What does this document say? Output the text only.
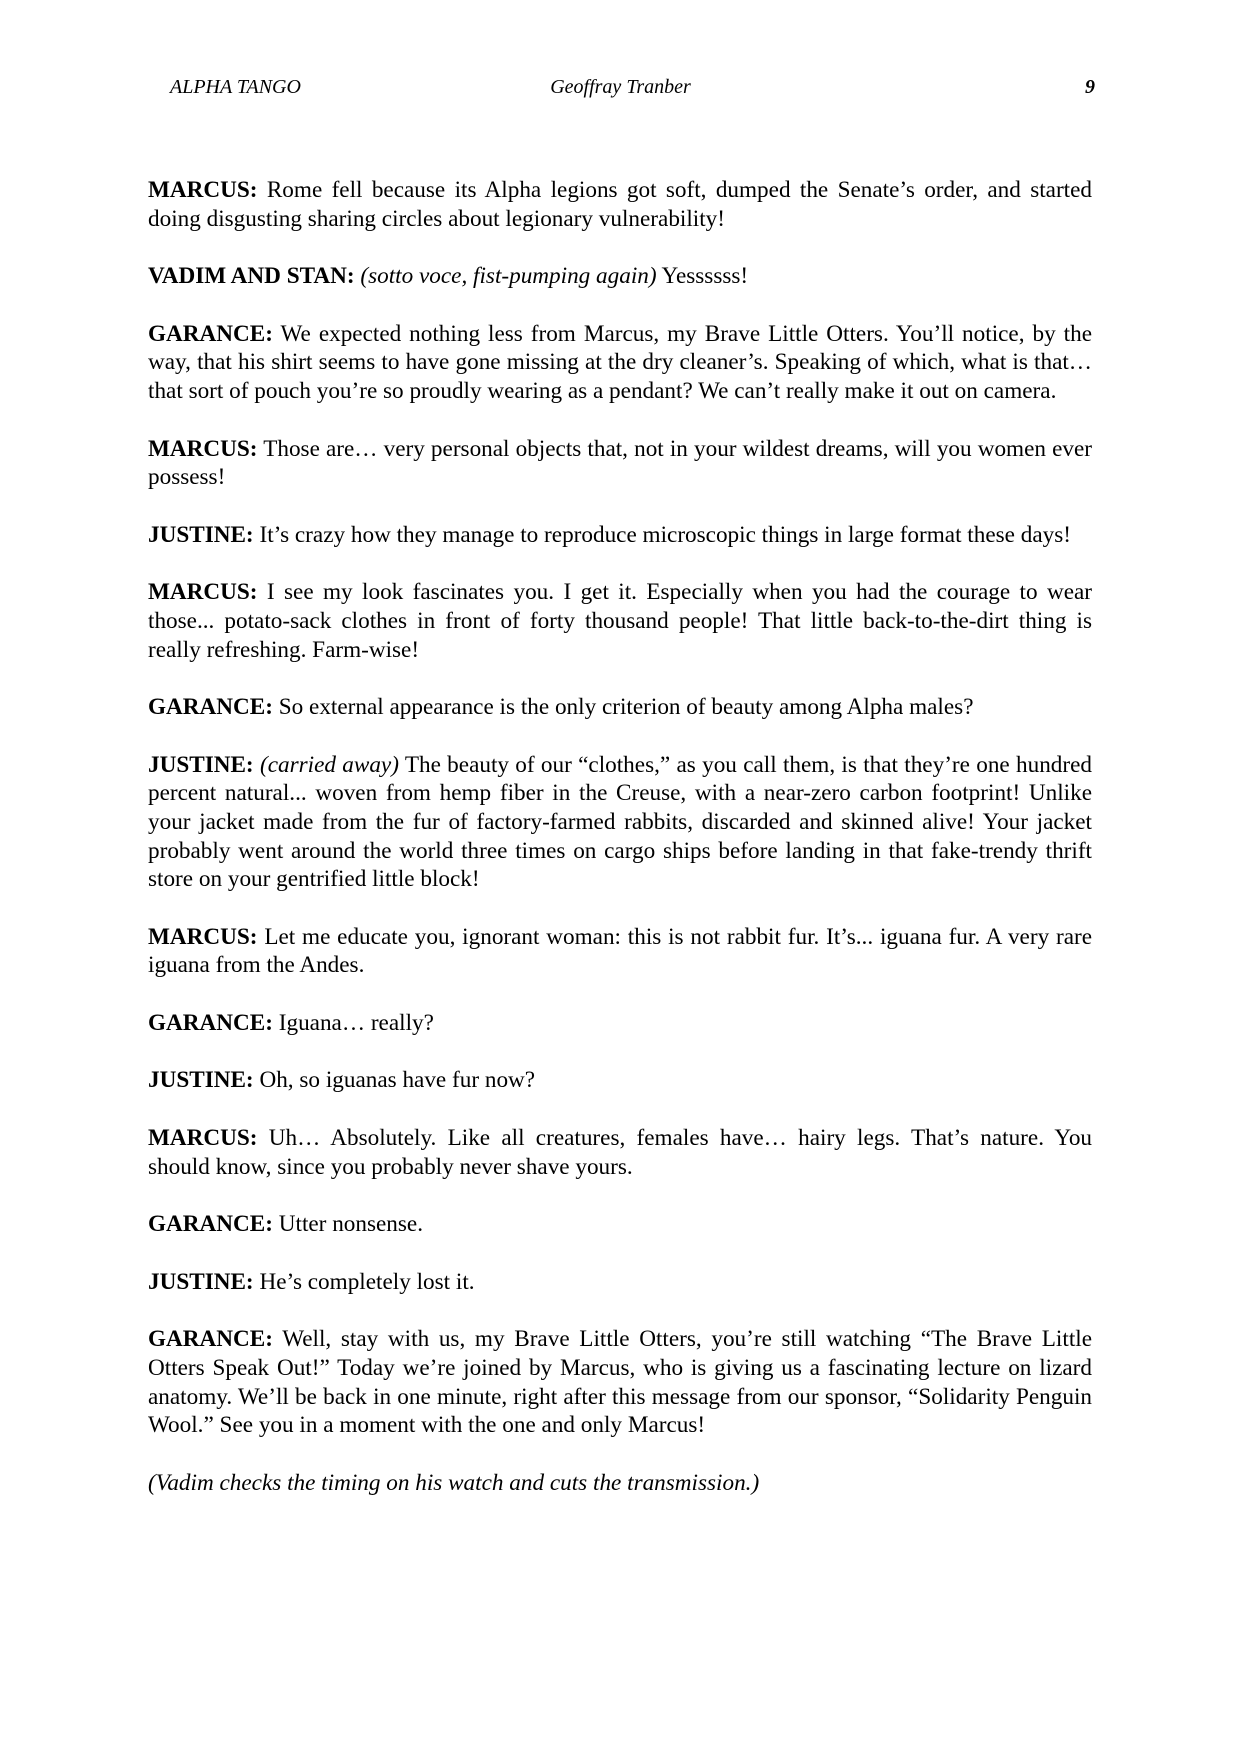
ALPHA TANGO	Geoffray Tranber	9

MARCUS: Rome fell because its Alpha legions got soft, dumped the Senate’s order, and started doing disgusting sharing circles about legionary vulnerability!

VADIM AND STAN: (sotto voce, fist-pumping again) Yessssss!

GARANCE: We expected nothing less from Marcus, my Brave Little Otters. You’ll notice, by the way, that his shirt seems to have gone missing at the dry cleaner’s. Speaking of which, what is that… that sort of pouch you’re so proudly wearing as a pendant? We can’t really make it out on camera.

MARCUS: Those are… very personal objects that, not in your wildest dreams, will you women ever possess!

JUSTINE: It’s crazy how they manage to reproduce microscopic things in large format these days!

MARCUS: I see my look fascinates you. I get it. Especially when you had the courage to wear those... potato-sack clothes in front of forty thousand people! That little back-to-the-dirt thing is really refreshing. Farm-wise!

GARANCE: So external appearance is the only criterion of beauty among Alpha males?

JUSTINE: (carried away) The beauty of our “clothes,” as you call them, is that they’re one hundred percent natural... woven from hemp fiber in the Creuse, with a near-zero carbon footprint! Unlike your jacket made from the fur of factory-farmed rabbits, discarded and skinned alive! Your jacket probably went around the world three times on cargo ships before landing in that fake-trendy thrift store on your gentrified little block!

MARCUS: Let me educate you, ignorant woman: this is not rabbit fur. It’s... iguana fur. A very rare iguana from the Andes.

GARANCE: Iguana… really?

JUSTINE: Oh, so iguanas have fur now?

MARCUS: Uh… Absolutely. Like all creatures, females have… hairy legs. That’s nature. You should know, since you probably never shave yours.

GARANCE: Utter nonsense.

JUSTINE: He’s completely lost it.

GARANCE: Well, stay with us, my Brave Little Otters, you’re still watching “The Brave Little Otters Speak Out!” Today we’re joined by Marcus, who is giving us a fascinating lecture on lizard anatomy. We’ll be back in one minute, right after this message from our sponsor, “Solidarity Penguin Wool.” See you in a moment with the one and only Marcus!

(Vadim checks the timing on his watch and cuts the transmission.)
